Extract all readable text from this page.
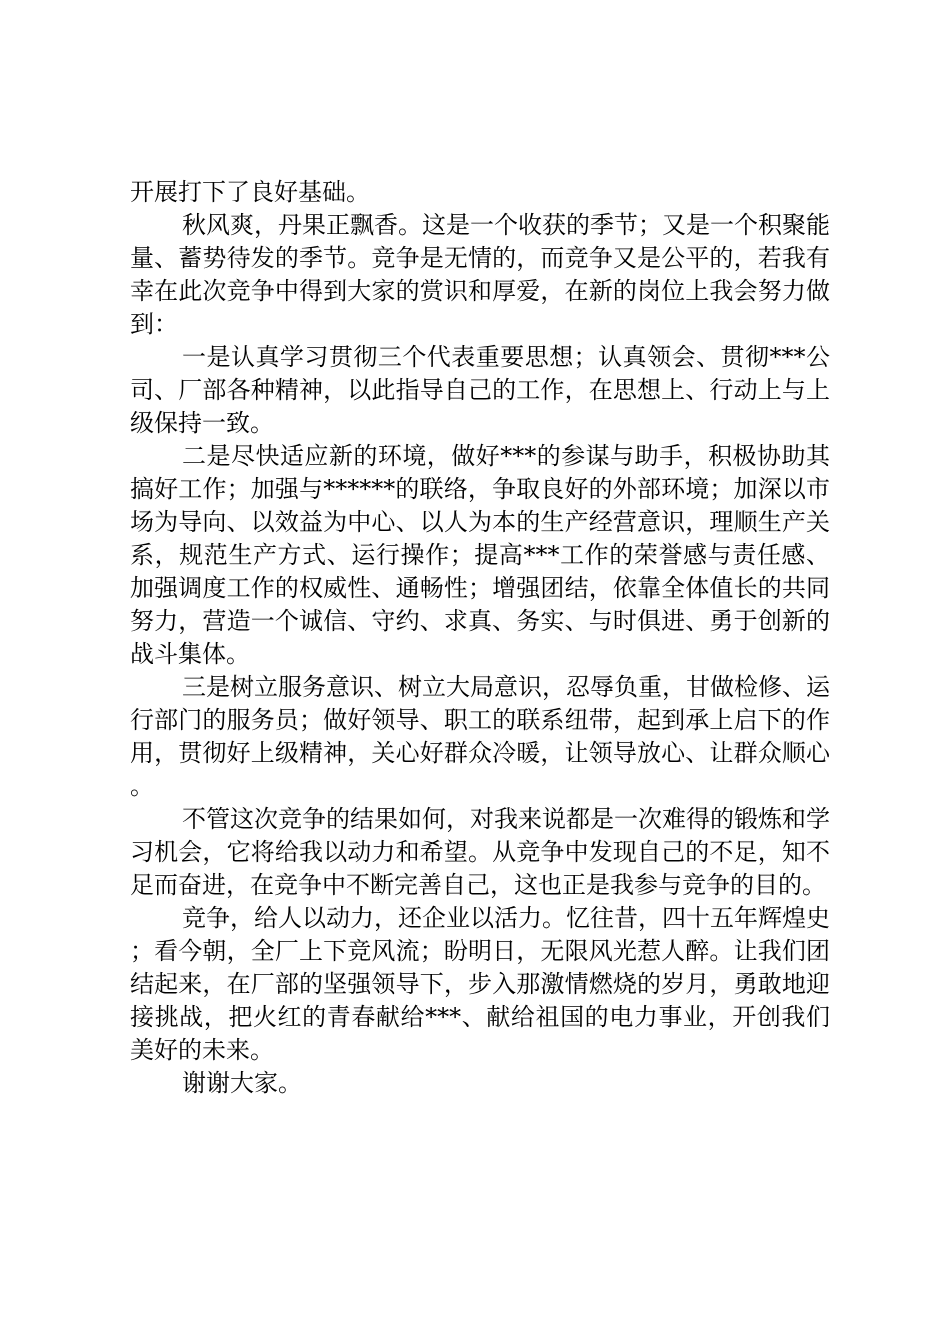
开展打下了良好基础。

秋风爽，丹果正飘香。这是一个收获的季节；又是一个积聚能量、蓄势待发的季节。竞争是无情的，而竞争又是公平的，若我有幸在此次竞争中得到大家的赏识和厚爱，在新的岗位上我会努力做到：

一是认真学习贯彻三个代表重要思想；认真领会、贯彻***公司、厂部各种精神，以此指导自己的工作，在思想上、行动上与上级保持一致。

二是尽快适应新的环境，做好***的参谋与助手，积极协助其搞好工作；加强与******的联络，争取良好的外部环境；加深以市场为导向、以效益为中心、以人为本的生产经营意识，理顺生产关系，规范生产方式、运行操作；提高***工作的荣誉感与责任感、加强调度工作的权威性、通畅性；增强团结，依靠全体值长的共同努力，营造一个诚信、守约、求真、务实、与时俱进、勇于创新的战斗集体。

三是树立服务意识、树立大局意识，忍辱负重，甘做检修、运行部门的服务员；做好领导、职工的联系纽带，起到承上启下的作用，贯彻好上级精神，关心好群众冷暖，让领导放心、让群众顺心。

不管这次竞争的结果如何，对我来说都是一次难得的锻炼和学习机会，它将给我以动力和希望。从竞争中发现自己的不足，知不足而奋进，在竞争中不断完善自己，这也正是我参与竞争的目的。

竞争，给人以动力，还企业以活力。忆往昔，四十五年辉煌史；看今朝，全厂上下竞风流；盼明日，无限风光惹人醉。让我们团结起来，在厂部的坚强领导下，步入那激情燃烧的岁月，勇敢地迎接挑战，把火红的青春献给***、献给祖国的电力事业，开创我们美好的未来。

谢谢大家。
